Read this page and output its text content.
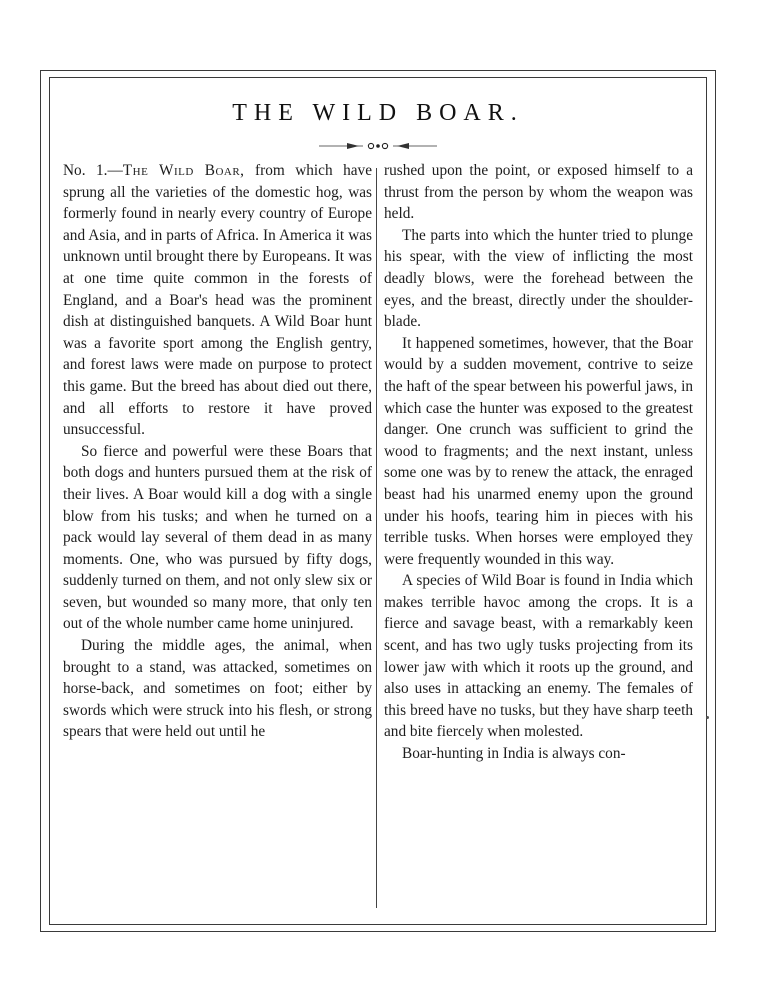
THE WILD BOAR.

No. 1.—The Wild Boar, from which have sprung all the varieties of the domestic hog, was formerly found in nearly every country of Europe and Asia, and in parts of Africa. In America it was unknown until brought there by Europeans. It was at one time quite common in the forests of England, and a Boar's head was the prominent dish at distinguished banquets. A Wild Boar hunt was a favorite sport among the English gentry, and forest laws were made on purpose to protect this game. But the breed has about died out there, and all efforts to restore it have proved unsuccessful.

So fierce and powerful were these Boars that both dogs and hunters pursued them at the risk of their lives. A Boar would kill a dog with a single blow from his tusks; and when he turned on a pack would lay several of them dead in as many moments. One, who was pursued by fifty dogs, suddenly turned on them, and not only slew six or seven, but wounded so many more, that only ten out of the whole number came home uninjured.

During the middle ages, the animal, when brought to a stand, was attacked, sometimes on horse-back, and sometimes on foot; either by swords which were struck into his flesh, or strong spears that were held out until he

rushed upon the point, or exposed himself to a thrust from the person by whom the weapon was held.

The parts into which the hunter tried to plunge his spear, with the view of inflicting the most deadly blows, were the forehead between the eyes, and the breast, directly under the shoulder-blade.

It happened sometimes, however, that the Boar would by a sudden movement, contrive to seize the haft of the spear between his powerful jaws, in which case the hunter was exposed to the greatest danger. One crunch was sufficient to grind the wood to fragments; and the next instant, unless some one was by to renew the attack, the enraged beast had his unarmed enemy upon the ground under his hoofs, tearing him in pieces with his terrible tusks. When horses were employed they were frequently wounded in this way.

A species of Wild Boar is found in India which makes terrible havoc among the crops. It is a fierce and savage beast, with a remarkably keen scent, and has two ugly tusks projecting from its lower jaw with which it roots up the ground, and also uses in attacking an enemy. The females of this breed have no tusks, but they have sharp teeth and bite fiercely when molested.

Boar-hunting in India is always con-
